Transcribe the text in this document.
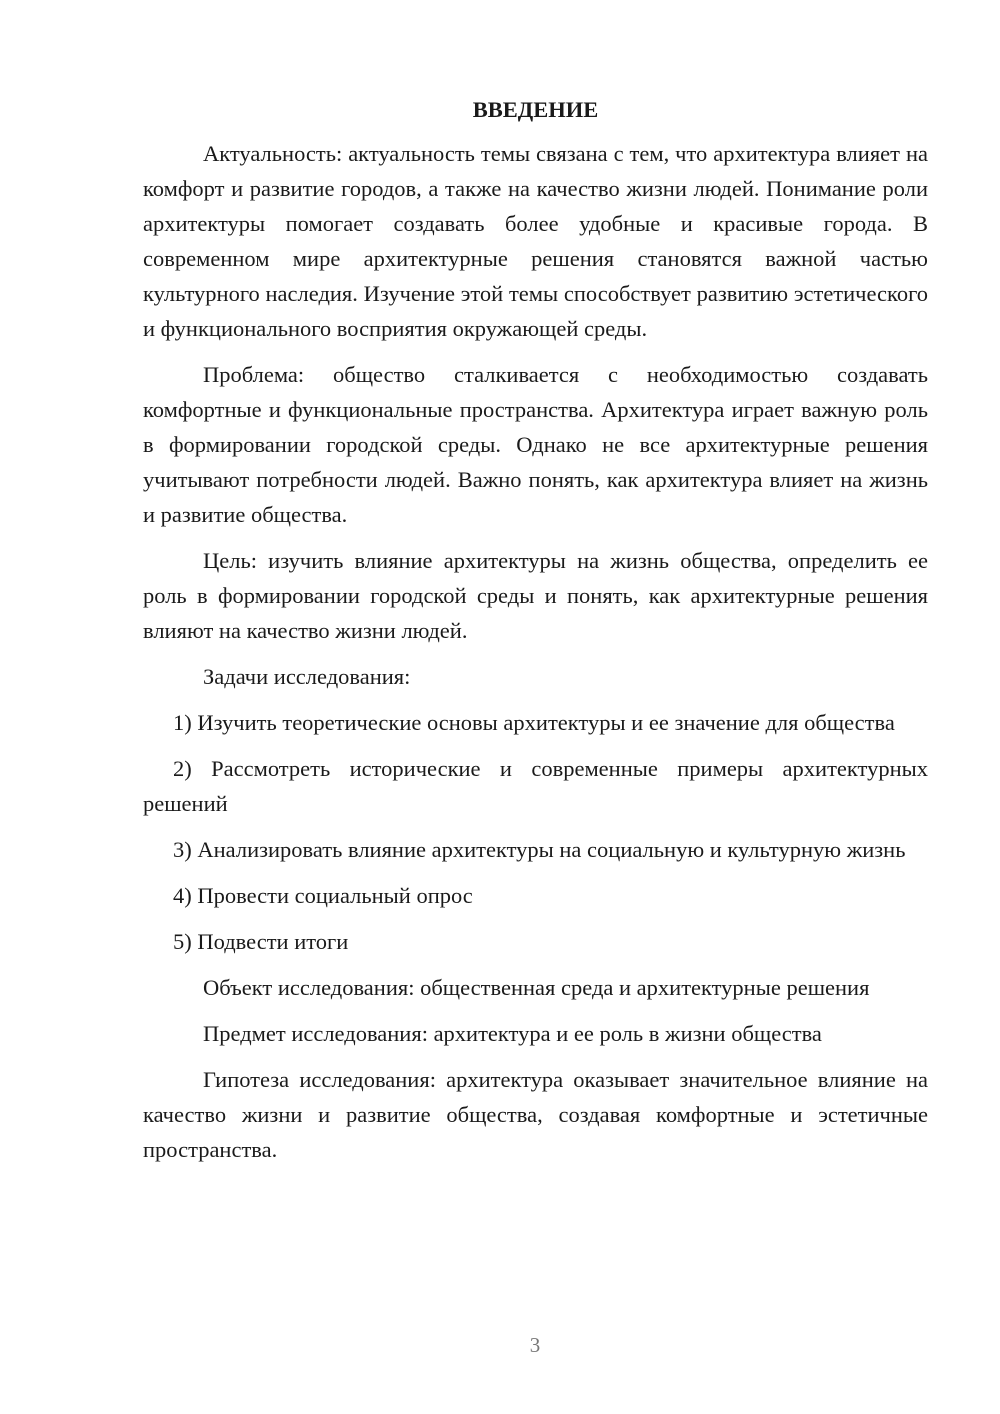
ВВЕДЕНИЕ
Актуальность: актуальность темы связана с тем, что архитектура влияет на комфорт и развитие городов, а также на качество жизни людей. Понимание роли архитектуры помогает создавать более удобные и красивые города. В современном мире архитектурные решения становятся важной частью культурного наследия. Изучение этой темы способствует развитию эстетического и функционального восприятия окружающей среды.
Проблема: общество сталкивается с необходимостью создавать комфортные и функциональные пространства. Архитектура играет важную роль в формировании городской среды. Однако не все архитектурные решения учитывают потребности людей. Важно понять, как архитектура влияет на жизнь и развитие общества.
Цель: изучить влияние архитектуры на жизнь общества, определить ее роль в формировании городской среды и понять, как архитектурные решения влияют на качество жизни людей.
Задачи исследования:
1) Изучить теоретические основы архитектуры и ее значение для общества
2) Рассмотреть исторические и современные примеры архитектурных решений
3) Анализировать влияние архитектуры на социальную и культурную жизнь
4) Провести социальный опрос
5) Подвести итоги
Объект исследования: общественная среда и архитектурные решения
Предмет исследования: архитектура и ее роль в жизни общества
Гипотеза исследования: архитектура оказывает значительное влияние на качество жизни и развитие общества, создавая комфортные и эстетичные пространства.
3
